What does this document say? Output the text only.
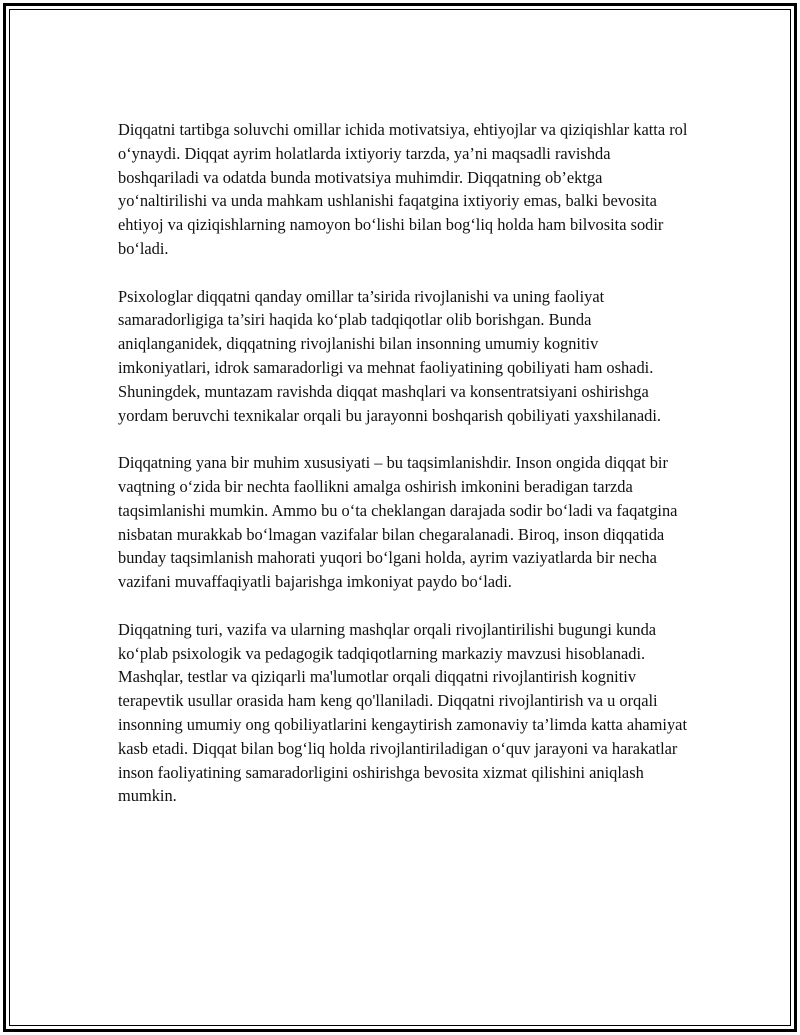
Diqqatni tartibga soluvchi omillar ichida motivatsiya, ehtiyojlar va qiziqishlar katta rol oʻynaydi. Diqqat ayrim holatlarda ixtiyoriy tarzda, ya’ni maqsadli ravishda boshqariladi va odatda bunda motivatsiya muhimdir. Diqqatning ob’ektga yoʻnaltirilishi va unda mahkam ushlanishi faqatgina ixtiyoriy emas, balki bevosita ehtiyoj va qiziqishlarning namoyon boʻlishi bilan bogʻliq holda ham bilvosita sodir boʻladi.

Psixologlar diqqatni qanday omillar ta’sirida rivojlanishi va uning faoliyat samaradorligiga ta’siri haqida koʻplab tadqiqotlar olib borishgan. Bunda aniqlanganidek, diqqatning rivojlanishi bilan insonning umumiy kognitiv imkoniyatlari, idrok samaradorligi va mehnat faoliyatining qobiliyati ham oshadi. Shuningdek, muntazam ravishda diqqat mashqlari va konsentratsiyani oshirishga yordam beruvchi texnikalar orqali bu jarayonni boshqarish qobiliyati yaxshilanadi.

Diqqatning yana bir muhim xususiyati – bu taqsimlanishdir. Inson ongida diqqat bir vaqtning oʻzida bir nechta faollikni amalga oshirish imkonini beradigan tarzda taqsimlanishi mumkin. Ammo bu oʻta cheklangan darajada sodir boʻladi va faqatgina nisbatan murakkab boʻlmagan vazifalar bilan chegaralanadi. Biroq, inson diqqatida bunday taqsimlanish mahorati yuqori boʻlgani holda, ayrim vaziyatlarda bir necha vazifani muvaffaqiyatli bajarishga imkoniyat paydo boʻladi.

Diqqatning turi, vazifa va ularning mashqlar orqali rivojlantirilishi bugungi kunda koʻplab psixologik va pedagogik tadqiqotlarning markaziy mavzusi hisoblanadi. Mashqlar, testlar va qiziqarli ma'lumotlar orqali diqqatni rivojlantirish kognitiv terapevtik usullar orasida ham keng qo'llaniladi. Diqqatni rivojlantirish va u orqali insonning umumiy ong qobiliyatlarini kengaytirish zamonaviy ta’limda katta ahamiyat kasb etadi. Diqqat bilan bogʻliq holda rivojlantiriladigan oʻquv jarayoni va harakatlar inson faoliyatining samaradorligini oshirishga bevosita xizmat qilishini aniqlash mumkin.
